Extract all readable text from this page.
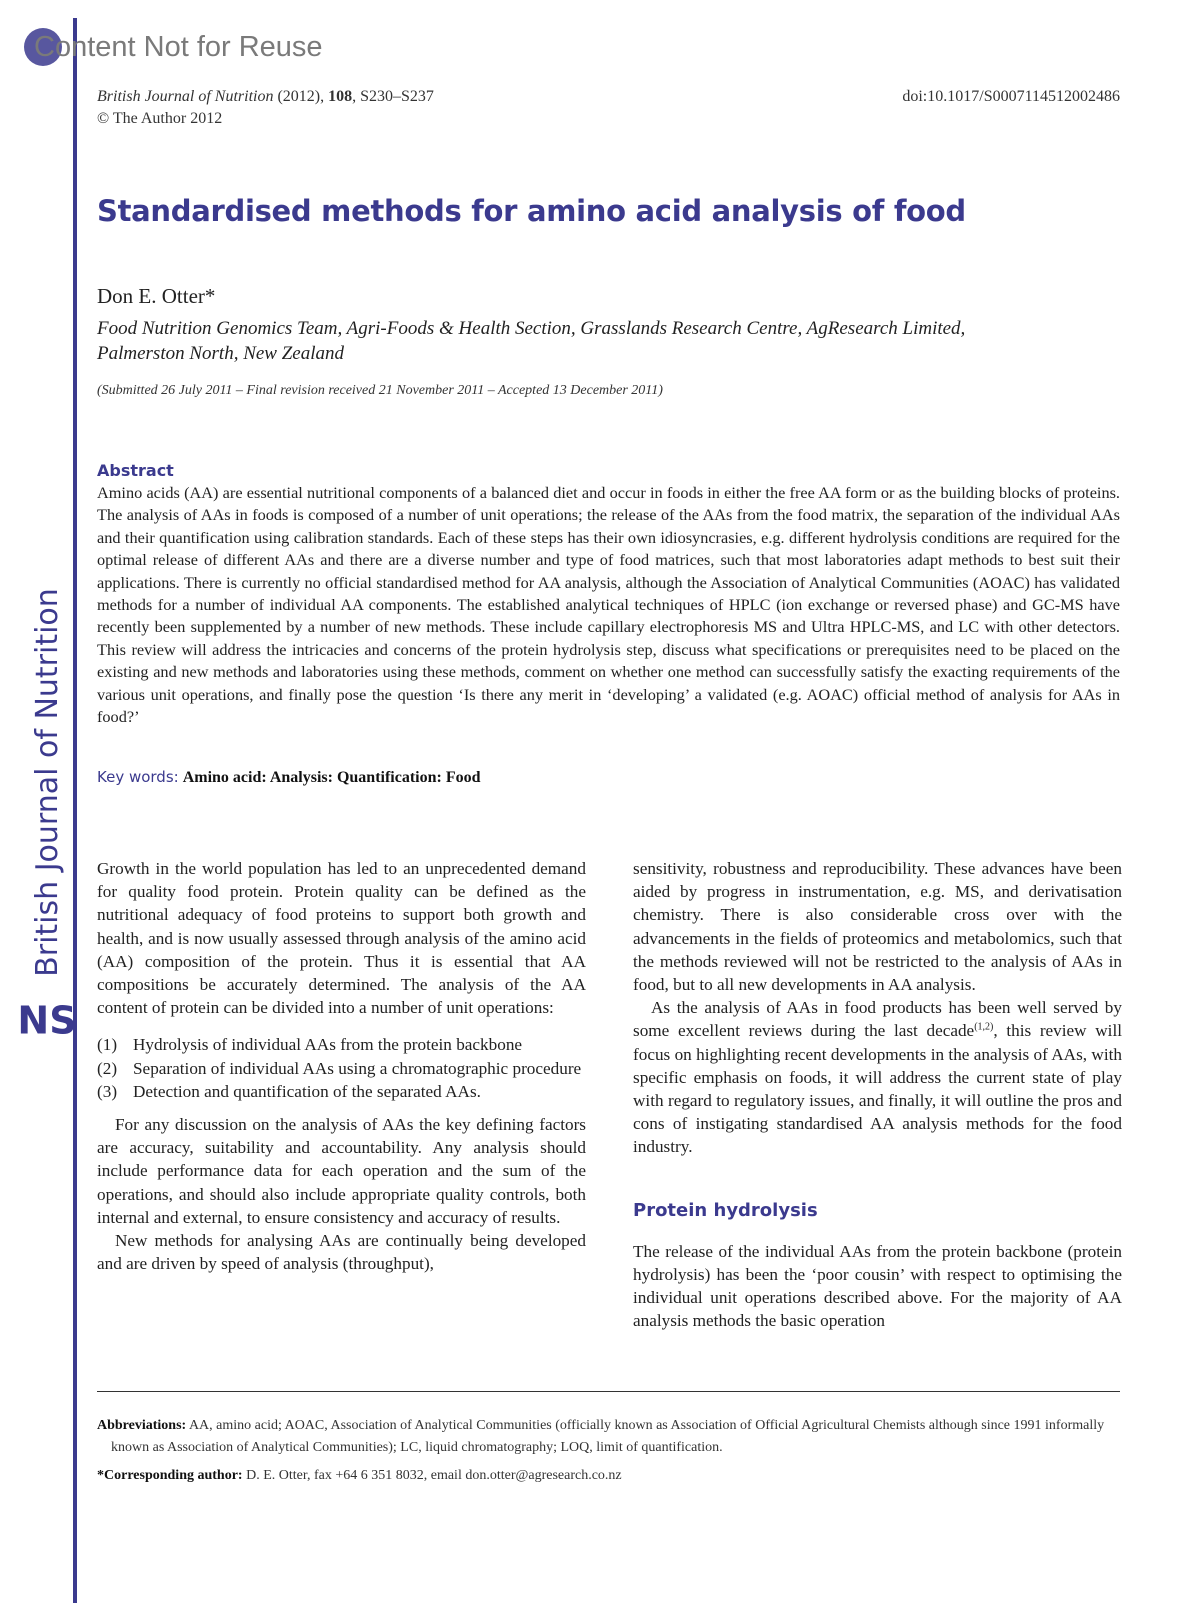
Content Not for Reuse
British Journal of Nutrition (2012), 108, S230–S237
© The Author 2012
doi:10.1017/S0007114512002486
Standardised methods for amino acid analysis of food
Don E. Otter*
Food Nutrition Genomics Team, Agri-Foods & Health Section, Grasslands Research Centre, AgResearch Limited, Palmerston North, New Zealand
(Submitted 26 July 2011 – Final revision received 21 November 2011 – Accepted 13 December 2011)
Abstract

Amino acids (AA) are essential nutritional components of a balanced diet and occur in foods in either the free AA form or as the building blocks of proteins. The analysis of AAs in foods is composed of a number of unit operations; the release of the AAs from the food matrix, the separation of the individual AAs and their quantification using calibration standards. Each of these steps has their own idiosyncrasies, e.g. different hydrolysis conditions are required for the optimal release of different AAs and there are a diverse number and type of food matrices, such that most laboratories adapt methods to best suit their applications. There is currently no official standardised method for AA analysis, although the Association of Analytical Communities (AOAC) has validated methods for a number of individual AA components. The established analytical techniques of HPLC (ion exchange or reversed phase) and GC-MS have recently been supplemented by a number of new methods. These include capillary electrophoresis MS and Ultra HPLC-MS, and LC with other detectors. This review will address the intricacies and concerns of the protein hydrolysis step, discuss what specifications or prerequisites need to be placed on the existing and new methods and laboratories using these methods, comment on whether one method can successfully satisfy the exacting requirements of the various unit operations, and finally pose the question ‘Is there any merit in ‘developing’ a validated (e.g. AOAC) official method of analysis for AAs in food?’

Key words: Amino acid: Analysis: Quantification: Food

Growth in the world population has led to an unprecedented demand for quality food protein. Protein quality can be defined as the nutritional adequacy of food proteins to support both growth and health, and is now usually assessed through analysis of the amino acid (AA) composition of the protein. Thus it is essential that AA compositions be accurately determined. The analysis of the AA content of protein can be divided into a number of unit operations:

(1) Hydrolysis of individual AAs from the protein backbone
(2) Separation of individual AAs using a chromatographic procedure
(3) Detection and quantification of the separated AAs.

For any discussion on the analysis of AAs the key defining factors are accuracy, suitability and accountability. Any analysis should include performance data for each operation and the sum of the operations, and should also include appropriate quality controls, both internal and external, to ensure consistency and accuracy of results.

New methods for analysing AAs are continually being developed and are driven by speed of analysis (throughput),

sensitivity, robustness and reproducibility. These advances have been aided by progress in instrumentation, e.g. MS, and derivatisation chemistry. There is also considerable cross over with the advancements in the fields of proteomics and metabolomics, such that the methods reviewed will not be restricted to the analysis of AAs in food, but to all new developments in AA analysis.

As the analysis of AAs in food products has been well served by some excellent reviews during the last decade$^{(1,2)}$, this review will focus on highlighting recent developments in the analysis of AAs, with specific emphasis on foods, it will address the current state of play with regard to regulatory issues, and finally, it will outline the pros and cons of instigating standardised AA analysis methods for the food industry.

Protein hydrolysis

The release of the individual AAs from the protein backbone (protein hydrolysis) has been the ‘poor cousin’ with respect to optimising the individual unit operations described above. For the majority of AA analysis methods the basic operation

Abbreviations: AA, amino acid; AOAC, Association of Analytical Communities (officially known as Association of Official Agricultural Chemists although since 1991 informally known as Association of Analytical Communities); LC, liquid chromatography; LOQ, limit of quantification.

*Corresponding author: D. E. Otter, fax +64 6 351 8032, email don.otter@agresearch.co.nz

NS
British Journal of Nutrition
